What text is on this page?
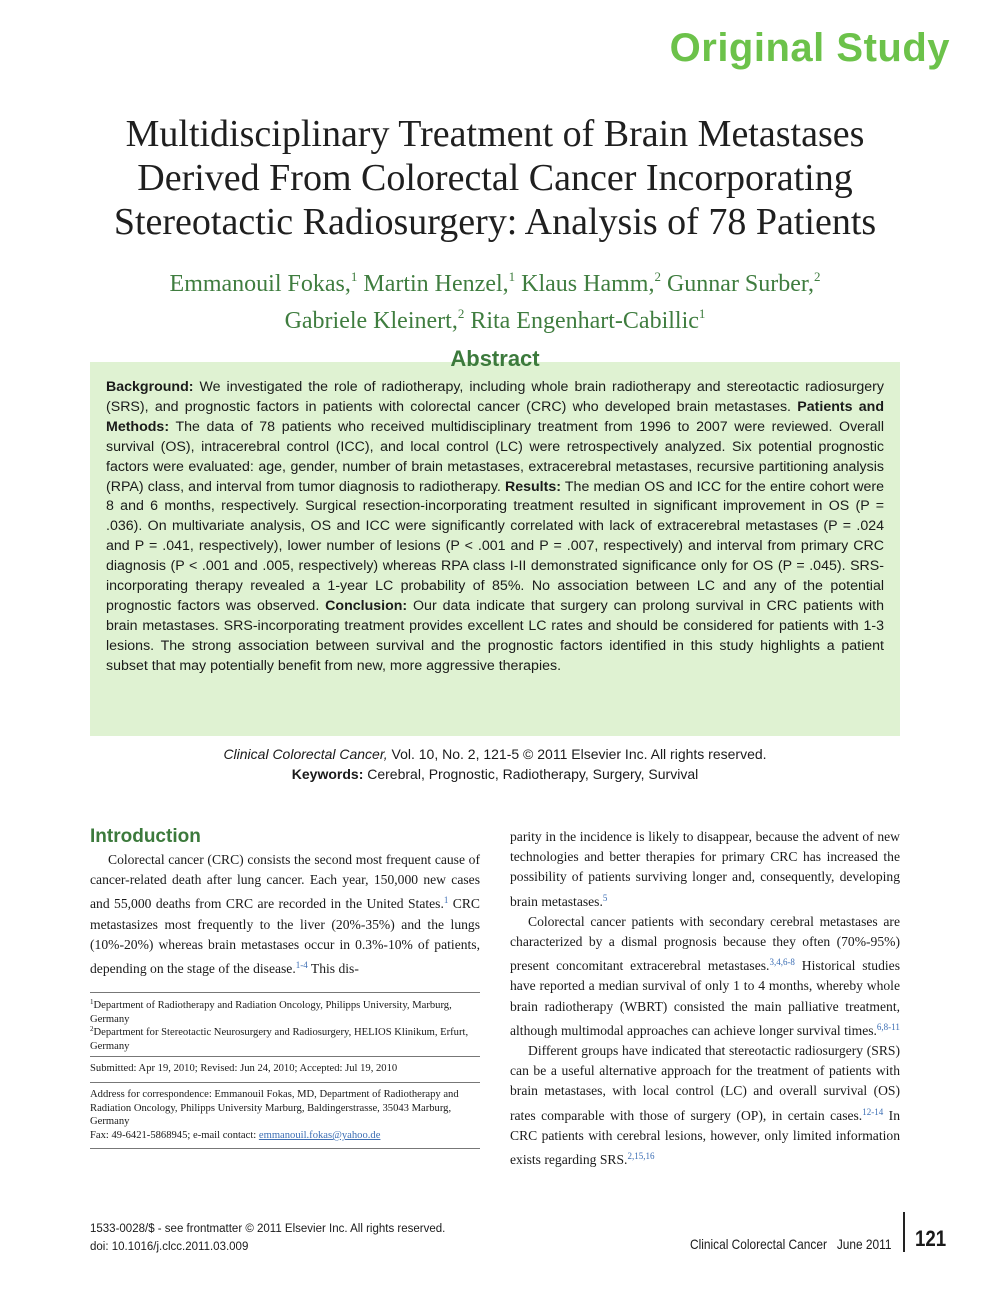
Original Study
Multidisciplinary Treatment of Brain Metastases Derived From Colorectal Cancer Incorporating Stereotactic Radiosurgery: Analysis of 78 Patients
Emmanouil Fokas,$^1$ Martin Henzel,$^1$ Klaus Hamm,$^2$ Gunnar Surber,$^2$
Gabriele Kleinert,$^2$ Rita Engenhart-Cabillic$^1$
Abstract
Background: We investigated the role of radiotherapy, including whole brain radiotherapy and stereotactic radiosurgery (SRS), and prognostic factors in patients with colorectal cancer (CRC) who developed brain metastases. Patients and Methods: The data of 78 patients who received multidisciplinary treatment from 1996 to 2007 were reviewed. Overall survival (OS), intracerebral control (ICC), and local control (LC) were retrospectively analyzed. Six potential prognostic factors were evaluated: age, gender, number of brain metastases, extracerebral metastases, recursive partitioning analysis (RPA) class, and interval from tumor diagnosis to radiotherapy. Results: The median OS and ICC for the entire cohort were 8 and 6 months, respectively. Surgical resection-incorporating treatment resulted in significant improvement in OS (P = .036). On multivariate analysis, OS and ICC were significantly correlated with lack of extracerebral metastases (P = .024 and P = .041, respectively), lower number of lesions (P < .001 and P = .007, respectively) and interval from primary CRC diagnosis (P < .001 and .005, respectively) whereas RPA class I-II demonstrated significance only for OS (P = .045). SRS-incorporating therapy revealed a 1-year LC probability of 85%. No association between LC and any of the potential prognostic factors was observed. Conclusion: Our data indicate that surgery can prolong survival in CRC patients with brain metastases. SRS-incorporating treatment provides excellent LC rates and should be considered for patients with 1-3 lesions. The strong association between survival and the prognostic factors identified in this study highlights a patient subset that may potentially benefit from new, more aggressive therapies.
Clinical Colorectal Cancer, Vol. 10, No. 2, 121-5 © 2011 Elsevier Inc. All rights reserved.
Keywords: Cerebral, Prognostic, Radiotherapy, Surgery, Survival
Introduction

Colorectal cancer (CRC) consists the second most frequent cause of cancer-related death after lung cancer. Each year, 150,000 new cases and 55,000 deaths from CRC are recorded in the United States.$^1$ CRC metastasizes most frequently to the liver (20%-35%) and the lungs (10%-20%) whereas brain metastases occur in 0.3%-10% of patients, depending on the stage of the disease.$^{1-4}$ This dis-

$^1$Department of Radiotherapy and Radiation Oncology, Philipps University, Marburg, Germany
$^2$Department for Stereotactic Neurosurgery and Radiosurgery, HELIOS Klinikum, Erfurt, Germany
Submitted: Apr 19, 2010; Revised: Jun 24, 2010; Accepted: Jul 19, 2010
Address for correspondence: Emmanouil Fokas, MD, Department of Radiotherapy and Radiation Oncology, Philipps University Marburg, Baldingerstrasse, 35043 Marburg, Germany
Fax: 49-6421-5868945; e-mail contact: emmanouil.fokas@yahoo.de

parity in the incidence is likely to disappear, because the advent of new technologies and better therapies for primary CRC has increased the possibility of patients surviving longer and, consequently, developing brain metastases.$^5$

Colorectal cancer patients with secondary cerebral metastases are characterized by a dismal prognosis because they often (70%-95%) present concomitant extracerebral metastases.$^{3,4,6-8}$ Historical studies have reported a median survival of only 1 to 4 months, whereby whole brain radiotherapy (WBRT) consisted the main palliative treatment, although multimodal approaches can achieve longer survival times.$^{6,8-11}$

Different groups have indicated that stereotactic radiosurgery (SRS) can be a useful alternative approach for the treatment of patients with brain metastases, with local control (LC) and overall survival (OS) rates comparable with those of surgery (OP), in certain cases.$^{12-14}$ In CRC patients with cerebral lesions, however, only limited information exists regarding SRS.$^{2,15,16}$

1533-0028/$ - see frontmatter © 2011 Elsevier Inc. All rights reserved.
doi: 10.1016/j.clcc.2011.03.009	Clinical Colorectal Cancer June 2011 121
